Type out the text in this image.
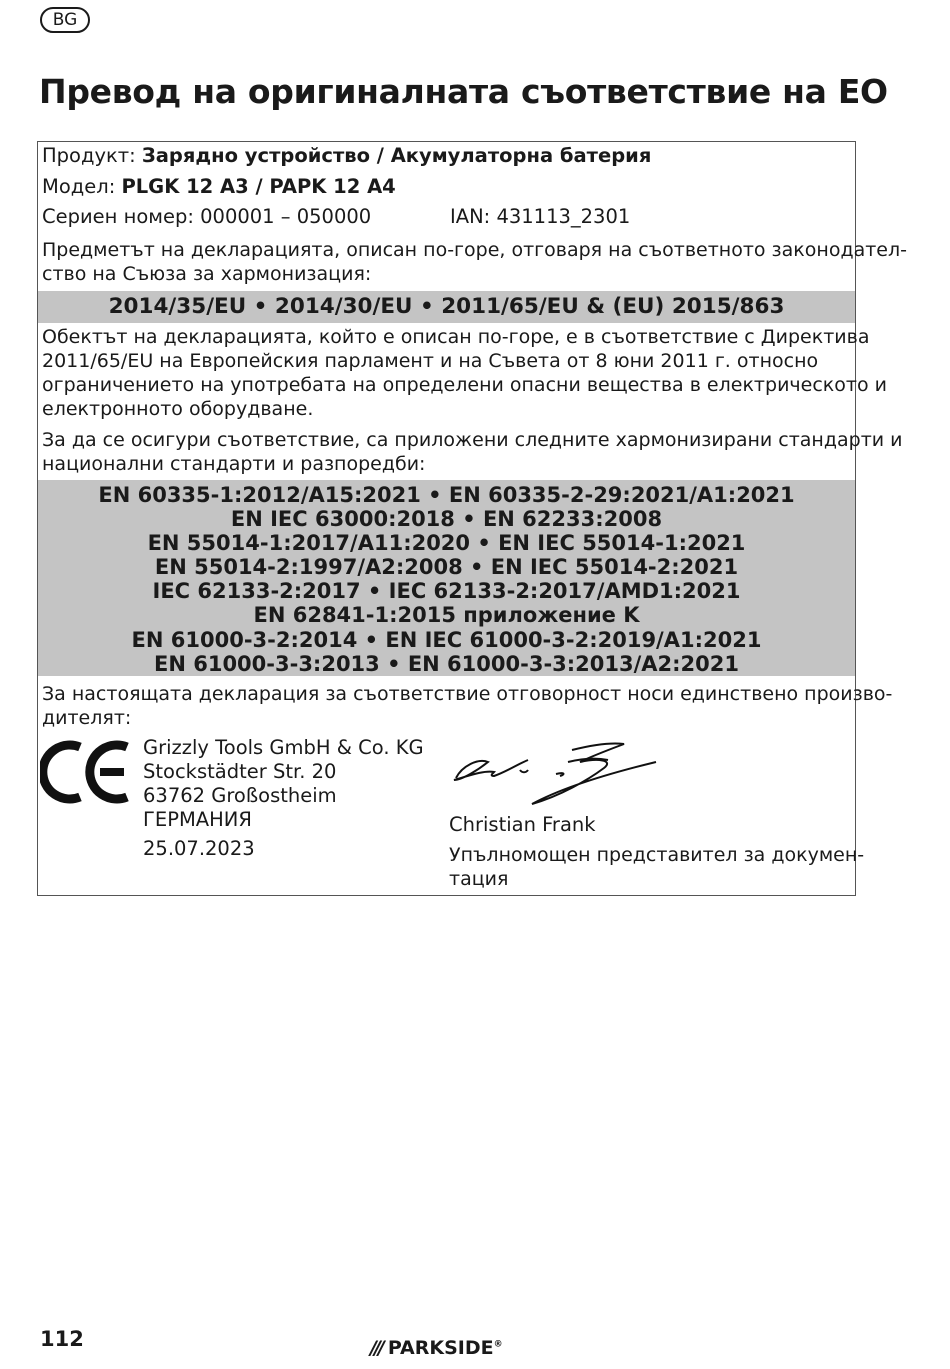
BG
Превод на оригиналната съответствие на ЕО
Продукт: Зарядно устройство / Акумулаторна батерия
Модел: PLGK 12 A3 / PAPK 12 A4
Сериен номер: 000001 – 050000	IAN: 431113_2301
Предметът на декларацията, описан по-горе, отговаря на съответното законодател-
ство на Съюза за хармонизация:
2014/35/EU • 2014/30/EU • 2011/65/EU & (EU) 2015/863
Обектът на декларацията, който е описан по-горе, е в съответствие с Директива
2011/65/EU на Европейския парламент и на Съвета от 8 юни 2011 г. относно
ограничението на употребата на определени опасни вещества в електрическото и
електронното оборудване.
За да се осигури съответствие, са приложени следните хармонизирани стандарти и
национални стандарти и разпоредби:
EN 60335-1:2012/A15:2021 • EN 60335-2-29:2021/A1:2021
EN IEC 63000:2018 • EN 62233:2008
EN 55014-1:2017/A11:2020 • EN IEC 55014-1:2021
EN 55014-2:1997/A2:2008 • EN IEC 55014-2:2021
IEC 62133-2:2017 • IEC 62133-2:2017/AMD1:2021
EN 62841-1:2015 приложение K
EN 61000-3-2:2014 • EN IEC 61000-3-2:2019/A1:2021
EN 61000-3-3:2013 • EN 61000-3-3:2013/A2:2021
За настоящата декларация за съответствие отговорност носи единствено произво-
дителят:
Grizzly Tools GmbH & Co. KG
Stockstädter Str. 20
63762 Großostheim
ГЕРМАНИЯ
25.07.2023
Christian Frank
Упълномощен представител за докумен-
тация
112	/// PARKSIDE®
